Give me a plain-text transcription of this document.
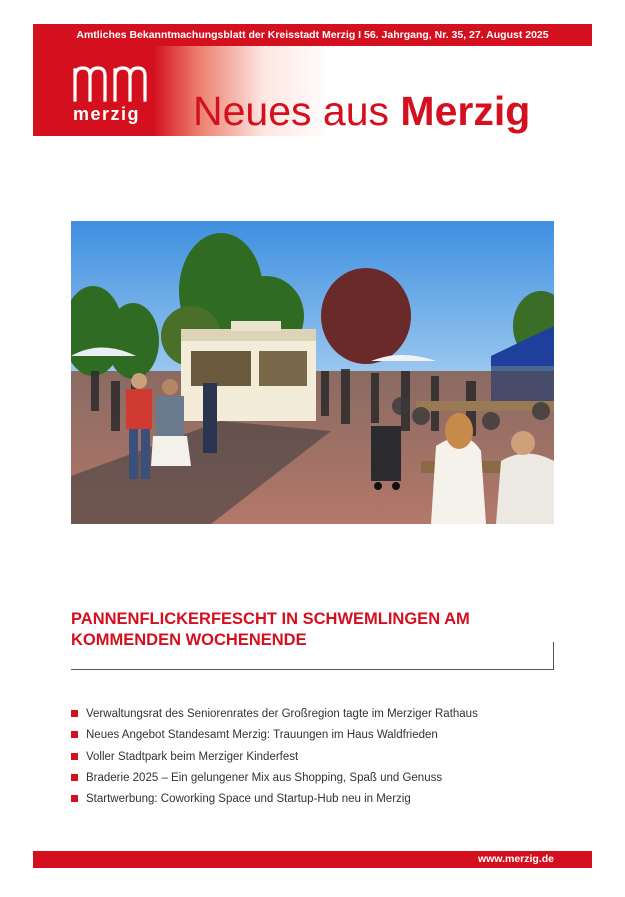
Amtliches Bekanntmachungsblatt der Kreisstadt Merzig I 56. Jahrgang, Nr. 35, 27. August 2025
merzig	Neues aus Merzig
PANNENFLICKERFESCHT IN SCHWEMLINGEN AM KOMMENDEN WOCHENENDE
Verwaltungsrat des Seniorenrates der Großregion tagte im Merziger Rathaus
Neues Angebot Standesamt Merzig: Trauungen im Haus Waldfrieden
Voller Stadtpark beim Merziger Kinderfest
Braderie 2025 – Ein gelungener Mix aus Shopping, Spaß und Genuss
Startwerbung: Coworking Space und Startup-Hub neu in Merzig
www.merzig.de
